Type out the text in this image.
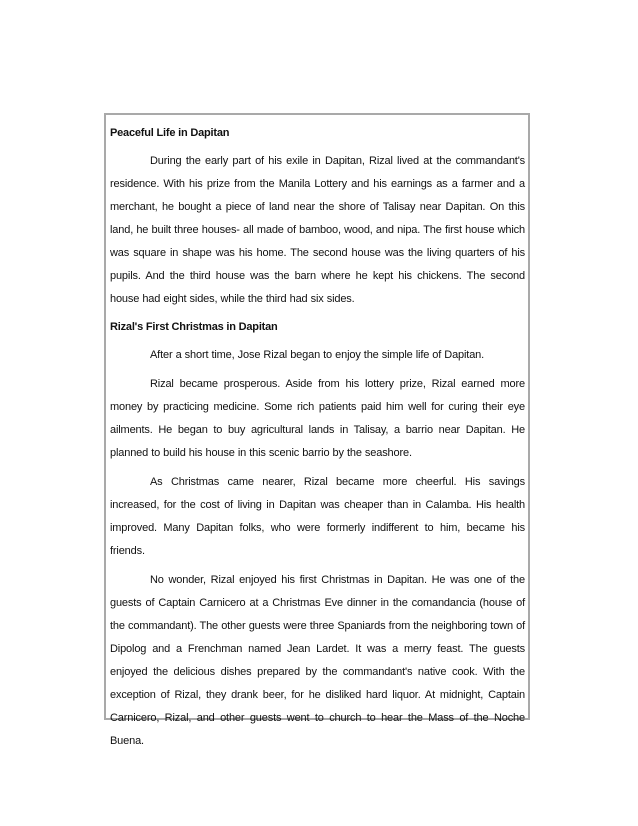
Peaceful Life in Dapitan

During the early part of his exile in Dapitan, Rizal lived at the commandant's residence. With his prize from the Manila Lottery and his earnings as a farmer and a merchant, he bought a piece of land near the shore of Talisay near Dapitan. On this land, he built three houses- all made of bamboo, wood, and nipa. The first house which was square in shape was his home. The second house was the living quarters of his pupils. And the third house was the barn where he kept his chickens. The second house had eight sides, while the third had six sides.

Rizal's First Christmas in Dapitan

After a short time, Jose Rizal began to enjoy the simple life of Dapitan.

Rizal became prosperous. Aside from his lottery prize, Rizal earned more money by practicing medicine. Some rich patients paid him well for curing their eye ailments. He began to buy agricultural lands in Talisay, a barrio near Dapitan. He planned to build his house in this scenic barrio by the seashore.

As Christmas came nearer, Rizal became more cheerful. His savings increased, for the cost of living in Dapitan was cheaper than in Calamba. His health improved. Many Dapitan folks, who were formerly indifferent to him, became his friends.

No wonder, Rizal enjoyed his first Christmas in Dapitan. He was one of the guests of Captain Carnicero at a Christmas Eve dinner in the comandancia (house of the commandant). The other guests were three Spaniards from the neighboring town of Dipolog and a Frenchman named Jean Lardet. It was a merry feast. The guests enjoyed the delicious dishes prepared by the commandant's native cook. With the exception of Rizal, they drank beer, for he disliked hard liquor. At midnight, Captain Carnicero, Rizal, and other guests went to church to hear the Mass of the Noche Buena.
